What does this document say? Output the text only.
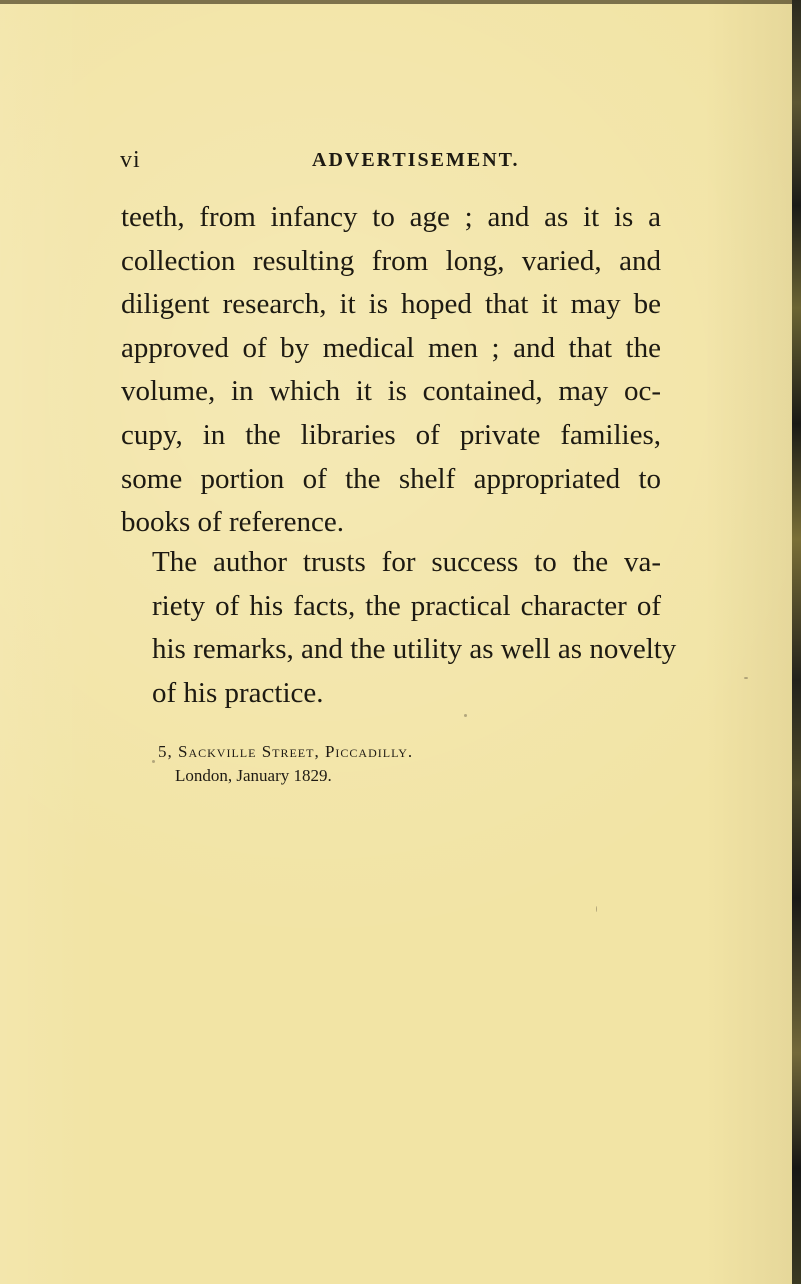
vi	ADVERTISEMENT.
teeth, from infancy to age ; and as it is a
collection resulting from long, varied, and
diligent research, it is hoped that it may be
approved of by medical men ; and that the
volume, in which it is contained, may oc-
cupy, in the libraries of private families,
some portion of the shelf appropriated to
books of reference.
The author trusts for success to the va-
riety of his facts, the practical character of
his remarks, and the utility as well as novelty
of his practice.
5, Sackville Street, Piccadilly.
London, January 1829.
